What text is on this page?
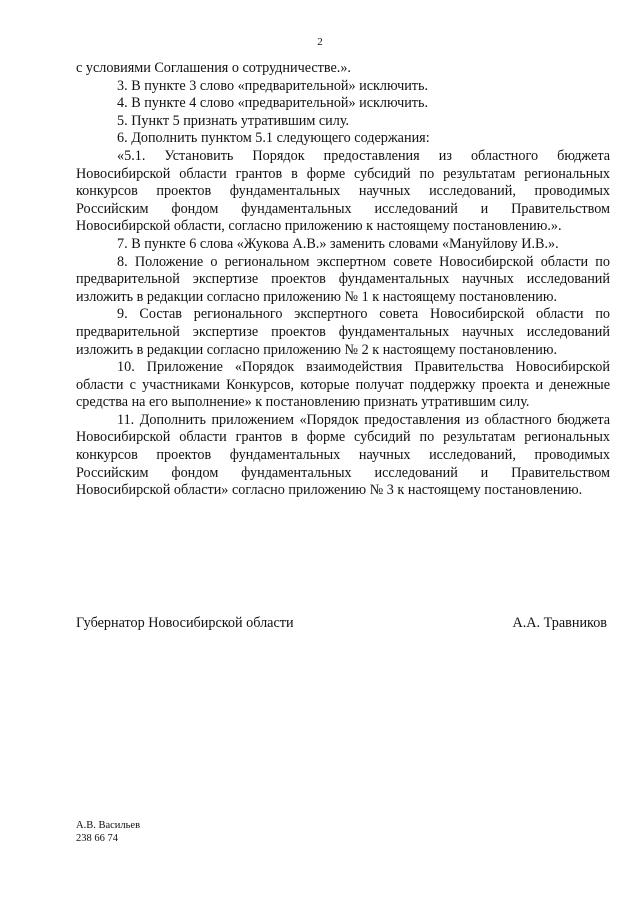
2

с условиями Соглашения о сотрудничестве.».

3. В пункте 3 слово «предварительной» исключить.

4. В пункте 4 слово «предварительной» исключить.

5. Пункт 5 признать утратившим силу.

6. Дополнить пунктом 5.1 следующего содержания:

«5.1. Установить Порядок предоставления из областного бюджета Новосибирской области грантов в форме субсидий по результатам региональных конкурсов проектов фундаментальных научных исследований, проводимых Российским фондом фундаментальных исследований и Правительством Новосибирской области, согласно приложению к настоящему постановлению.».

7. В пункте 6 слова «Жукова А.В.» заменить словами «Мануйлову И.В.».

8. Положение о региональном экспертном совете Новосибирской области по предварительной экспертизе проектов фундаментальных научных исследований изложить в редакции согласно приложению № 1 к настоящему постановлению.

9. Состав регионального экспертного совета Новосибирской области по предварительной экспертизе проектов фундаментальных научных исследований изложить в редакции согласно приложению № 2 к настоящему постановлению.

10. Приложение «Порядок взаимодействия Правительства Новосибирской области с участниками Конкурсов, которые получат поддержку проекта и денежные средства на его выполнение» к постановлению признать утратившим силу.

11. Дополнить приложением «Порядок предоставления из областного бюджета Новосибирской области грантов в форме субсидий по результатам региональных конкурсов проектов фундаментальных научных исследований, проводимых Российским фондом фундаментальных исследований и Правительством Новосибирской области» согласно приложению № 3 к настоящему постановлению.

Губернатор Новосибирской области	А.А. Травников
А.В. Васильев
238 66 74
